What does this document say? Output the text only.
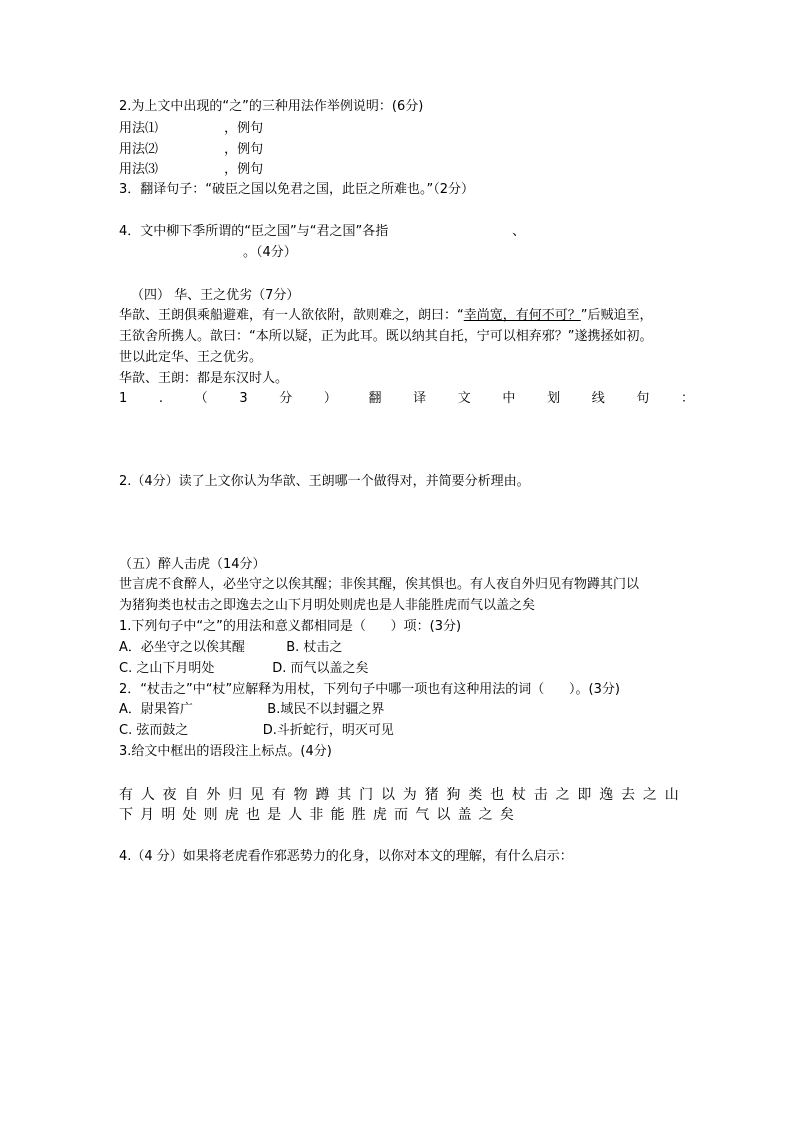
2.为上文中出现的“之”的三种用法作举例说明：(6分)
用法⑴                ，例句
用法⑵                ，例句
用法⑶                ，例句
3．翻译句子：“破臣之国以免君之国，此臣之所难也。”（2分）
4．文中柳下季所谓的“臣之国”与“君之国”各指                              、
。（4分）
（四） 华、王之优劣（7分）
华歆、王朗俱乘船避难，有一人欲依附，歆则难之，朗曰：“幸尚宽，有何不可？”后贼追至，
王欲舍所携人。歆曰：“本所以疑，正为此耳。既以纳其自托，宁可以相弃邪？”遂携拯如初。
世以此定华、王之优劣。
华歆、王朗：都是东汉时人。
1 . （ 3 分 ） 翻 译 文 中 划 线 句 ：
2.（4分）读了上文你认为华歆、王朗哪一个做得对，并简要分析理由。
（五）醉人击虎（14分）
世言虎不食醉人，必坐守之以俟其醒；非俟其醒，俟其惧也。有人夜自外归见有物蹲其门以
为猪狗类也杖击之即逸去之山下月明处则虎也是人非能胜虎而气以盖之矣
1.下列句子中“之”的用法和意义都相同是（      ）项：(3分)
A．必坐守之以俟其醒          B. 杖击之
C. 之山下月明处              D. 而气以盖之矣
2．“杖击之”中“杖”应解释为用杖，下列句子中哪一项也有这种用法的词（      ）。(3分)
A．尉果笞广                  B.域民不以封疆之界
C. 弦而鼓之                  D.斗折蛇行，明灭可见
3.给文中框出的语段注上标点。(4分)
有 人 夜 自 外 归 见 有 物 蹲 其 门 以 为 猪 狗 类 也 杖 击 之 即 逸 去 之 山
下 月 明 处 则 虎 也 是 人 非 能 胜 虎 而 气 以 盖 之 矣
4.（4 分）如果将老虎看作邪恶势力的化身，以你对本文的理解，有什么启示：
